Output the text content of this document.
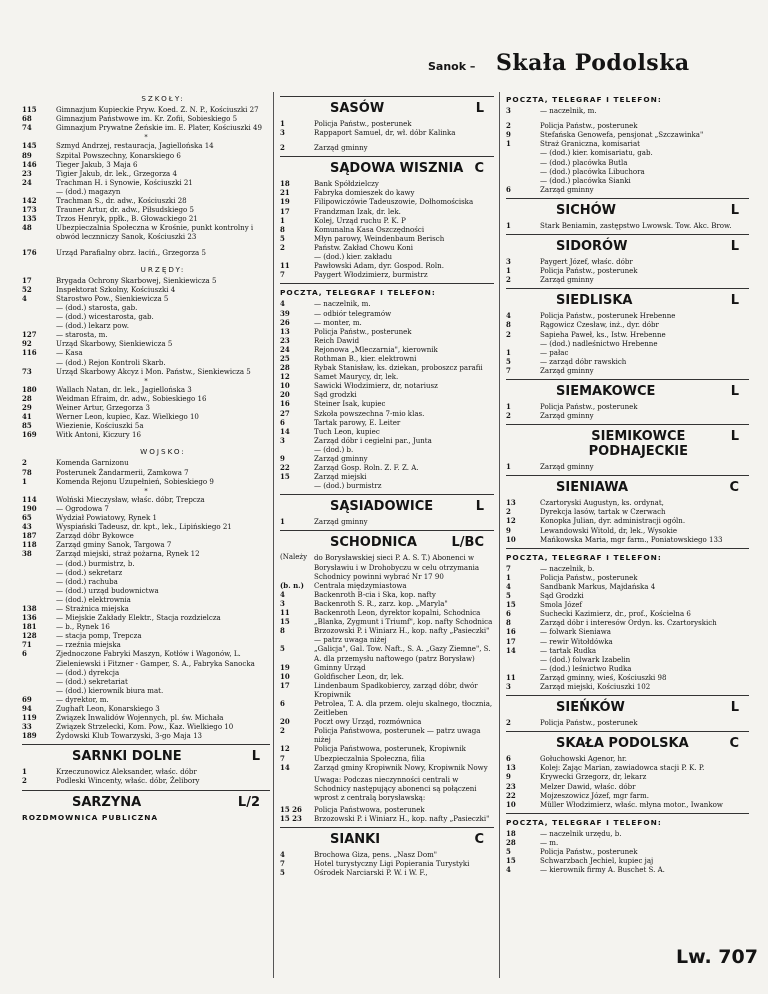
Sanok – Skała Podolska
SZKOŁY:
115	Gimnazjum Kupieckie Pryw. Koed. Z. N. P., Kościuszki 27
68	Gimnazjum Państwowe im. Kr. Zofii, Sobieskiego 5
74	Gimnazjum Prywatne Żeńskie im. E. Plater, Kościuszki 49
*
145	Szmyd Andrzej, restauracja, Jagiellońska 14
89	Szpital Powszechny, Konarskiego 6
146	Tieger Jakub, 3 Maja 6
23	Tigier Jakub, dr. lek., Grzegorza 4
24	Trachman H. i Synowie, Kościuszki 21
— (dod.) magazyn
142	Trachman S., dr. adw., Kościuszki 28
173	Trauner Artur, dr. adw., Piłsudskiego 5
135	Trzos Henryk, ppłk., B. Głowackiego 21
48	Ubezpieczalnia Społeczna w Krośnie, punkt kontrolny i obwód lecznniczy Sanok, Kościuszki 23
176	Urząd Parafialny obrz. łaciń., Grzegorza 5
URZĘDY:
17	Brygada Ochrony Skarbowej, Sienkiewicza 5
52	Inspektorat Szkolny, Kościuszki 4
4	Starostwo Pow., Sienkiewicza 5
— (dod.) starosta, gab.
— (dod.) wicestarosta, gab.
— (dod.) lekarz pow.
127	— starosta, m.
92	Urząd Skarbowy, Sienkiewicza 5
116	— Kasa
— (dod.) Rejon Kontroli Skarb.
73	Urząd Skarbowy Akcyz i Mon. Państw., Sienkiewicza 5
*
180	Wallach Natan, dr. lek., Jagiellońska 3
28	Weidman Efraim, dr. adw., Sobieskiego 16
29	Weiner Artur, Grzegorza 3
41	Werner Leon, kupiec, Kaz. Wielkiego 10
85	Wiezienie, Kościuszki 5a
169	Witk Antoni, Kiczury 16
WOJSKO:
2	Komenda Garnizonu
78	Posterunek Żandarmerii, Zamkowa 7
1	Komenda Rejonu Uzupełnień, Sobieskiego 9
*
114	Wolński Mieczysław, właśc. dóbr, Trepcza
190	— Ogrodowa 7
65	Wydział Powiatowy, Rynek 1
43	Wyspiański Tadeusz, dr. kpt., lek., Lipińskiego 21
187	Zarząd dóbr Bykowce
118	Zarząd gminy Sanok, Targowa 7
38	Zarząd miejski, straż pożarna, Rynek 12
— (dod.) burmistrz, b.
— (dod.) sekretarz
— (dod.) rachuba
— (dod.) urząd budownictwa
— (dod.) elektrownia
138	— Strażnica miejska
136	— Miejskie Zakłady Elektr., Stacja rozdzielcza
181	— b., Rynek 16
128	— stacja pomp, Trepcza
71	— rzeźnia miejska
6	Zjednoczone Fabryki Maszyn, Kotłów i Wagonów, L. Zieleniewski i Fitzner - Gamper, S. A., Fabryka Sanocka
— (dod.) dyrekcja
— (dod.) sekretariat
— (dod.) kierownik biura mat.
69	— dyrektor, m.
94	Zughaft Leon, Konarskiego 3
119	Związek Inwalidów Wojennych, pl. św. Michała
33	Związek Strzelecki, Kom. Pow., Kaz. Wielkiego 10
189	Żydowski Klub Towarzyski, 3-go Maja 13
SARNKI DOLNE	L
1	Krzeczunowicz Aleksander, właśc. dóbr
2	Podleski Wincenty, właśc. dóbr, Żelibory
SARZYNA	L/2
ROZDMOWNICA PUBLICZNA
SASÓW	L
1	Policja Państw., posterunek
3	Rappaport Samuel, dr, wł. dóbr Kalinka
2	Zarząd gminny
SĄDOWA WISZNIA C
18	Bank Spółdzielczy
21	Fabryka domieszek do kawy
19	Filipowiczówie Tadeuszowie, Dołhomościska
17	Frandzman Izak, dr. lek.
1	Kolej, Urząd ruchu P. K. P
8	Komunalna Kasa Oszczędności
5	Młyn parowy, Weindenbaum Berisch
2	Państw. Zakład Chowu Koni
— (dod.) kier. zakładu
11	Pawłowski Adam, dyr. Gospod. Roln.
7	Paygert Włodzimierz, burmistrz
POCZTA, TELEGRAF I TELEFON:
4	— naczelnik, m.
39	— odbiór telegramów
26	— monter, m.
13	Policja Państw., posterunek
23	Reich Dawid
24	Rejonowa „Mleczarnia", kierownik
25	Rothman B., kier. elektrowni
28	Rybak Stanisław, ks. dziekan, proboszcz parafii
12	Samet Maurycy, dr, lek.
10	Sawicki Włodzimierz, dr, notariusz
20	Sąd grodzki
16	Steiner Isak, kupiec
27	Szkoła powszechna 7-mio klas.
6	Tartak parowy, E. Leiter
14	Tuch Leon, kupiec
3	Zarząd dóbr i cegielni par., Junta
— (dod.) b.
9	Zarząd gminny
22	Zarząd Gosp. Roln. Z. F. Z. A.
15	Zarząd miejski
— (dod.) burmistrz
SĄSIADOWICE	L
1	Zarząd gminny
SCHODNICA	L/BC
(Należy do Borysławskiej sieci P. A. S. T.) Abonenci w Borysławiu i w Drohobyczu w celu otrzymania Schodnicy powinni wybrać Nr 17 90
(b. n.)	Centrala międzymiastowa
4	Backenroth B-cia i Ska, kop. nafty
3	Backenroth S. R., zarz. kop. „Maryla"
11	Backenroth Leon, dyrektor kopalni, Schodnica
15	„Blanka, Zygmunt i Triumf", kop. nafty Schodnica
8	Brzozowski P. i Winiarz H., kop. nafty „Pasieczki" — patrz uwaga niżej
5	„Galicja", Gal. Tow. Naft., S. A. „Gazy Ziemne", S. A. dla przemysłu naftowego (patrz Borysław)
19	Gminny Urząd
10	Goldfischer Leon, dr, lek.
17	Lindenbaum Spadkobiercy, zarząd dóbr, dwór Kropiwnik
6	Petrolea, T. A. dla przem. oleju skalnego, tłocznia, Zeitleben
20	Poczt owy Urząd, rozmównica
2	Policja Państwowa, posterunek — patrz uwaga niżej
12	Policja Państwowa, posterunek, Kropiwnik
7	Ubezpieczalnia Społeczna, filia
14	Zarząd gminy Kropiwnik Nowy, Kropiwnik Nowy
Uwaga: Podczas nieczynności centrali w Schodnicy następujący abonenci są połączeni wprost z centralą borysławską:
15 26	Policja Państwowa, posterunek
15 23	Brzozowski P. i Winiarz H., kop. nafty „Pasieczki"
SIANKI	C
4	Brochowa Giza, pens. „Nasz Dom"
7	Hotel turystyczny Ligi Popierania Turystyki
5	Ośrodek Narciarski P. W. i W. F.,
POCZTA, TELEGRAF I TELEFON:
3	— naczelnik, m.
2	Policja Państw., posterunek
9	Stefańska Genowefa, pensjonat „Szczawinka"
1	Straż Graniczna, komisariat
— (dod.) kier. komisariatu, gab.
— (dod.) placówka Butla
— (dod.) placówka Libuchora
— (dod.) placówka Sianki
6	Zarząd gminny
SICHÓW	L
1	Stark Beniamin, zastępstwo Lwowsk. Tow. Akc. Brow.
SIDORÓW	L
3	Paygert Józef, właśc. dóbr
1	Policja Państw., posterunek
2	Zarząd gminny
SIEDLISKA	L
4	Policja Państw., posterunek Hrebenne
8	Rągowicz Czesław, inż., dyr. dóbr
2	Sapieha Paweł, ks., Istw. Hrebenne
— (dod.) nadleśnictwo Hrebenne
1	— pałac
5	— zarząd dóbr rawskich
7	Zarząd gminny
SIEMAKOWCE	L
1	Policja Państw., posterunek
2	Zarząd gminny
SIEMIKOWCE PODHAJECKIE
L
1	Zarząd gminny
SIENIAWA	C
13	Czartoryski Augustyn, ks. ordynat,
2	Dyrekcja lasów, tartak w Czerwach
12	Konopka Julian, dyr. administracji ogóln.
9	Lewandowski Witold, dr, lek., Wysokie
10	Mańkowska Maria, mgr farm., Poniatowskiego 133
POCZTA, TELEGRAF I TELEFON:
7	— naczelnik, b.
1	Policja Państw., posterunek
4	Sandbank Markus, Majdańska 4
5	Sąd Grodzki
15	Smola Józef
6	Suchecki Kazimierz, dr., prof., Kościelna 6
8	Zarząd dóbr i interesów Ordyn. ks. Czartoryskich
16	— folwark Sieniawa
17	— rewir Witołdówka
14	— tartak Rudka
— (dod.) folwark Izabelin
— (dod.) leśnictwo Rudka
11	Zarząd gminny, wieś, Kościuszki 98
3	Zarząd miejski, Kościuszki 102
SIEŃKÓW	L
2	Policja Państw., posterunek
SKAŁA PODOLSKA	C
6	Gołuchowski Agenor, hr.
13	Kolej: Zając Marian, zawiadowca stacji P. K. P.
9	Krywecki Grzegorz, dr, lekarz
23	Melzer Dawid, właśc. dóbr
22	Mojzeszowicz Józef, mgr farm.
10	Müller Włodzimierz, właśc. młyna motor., Iwankow
POCZTA, TELEGRAF I TELEFON:
18	— naczelnik urzędu, b.
28	— m.
5	Policja Państw., posterunek
15	Schwarzbach Jechiel, kupiec jaj
4	— kierownik firmy A. Buschet S. A.
Lw. 707
